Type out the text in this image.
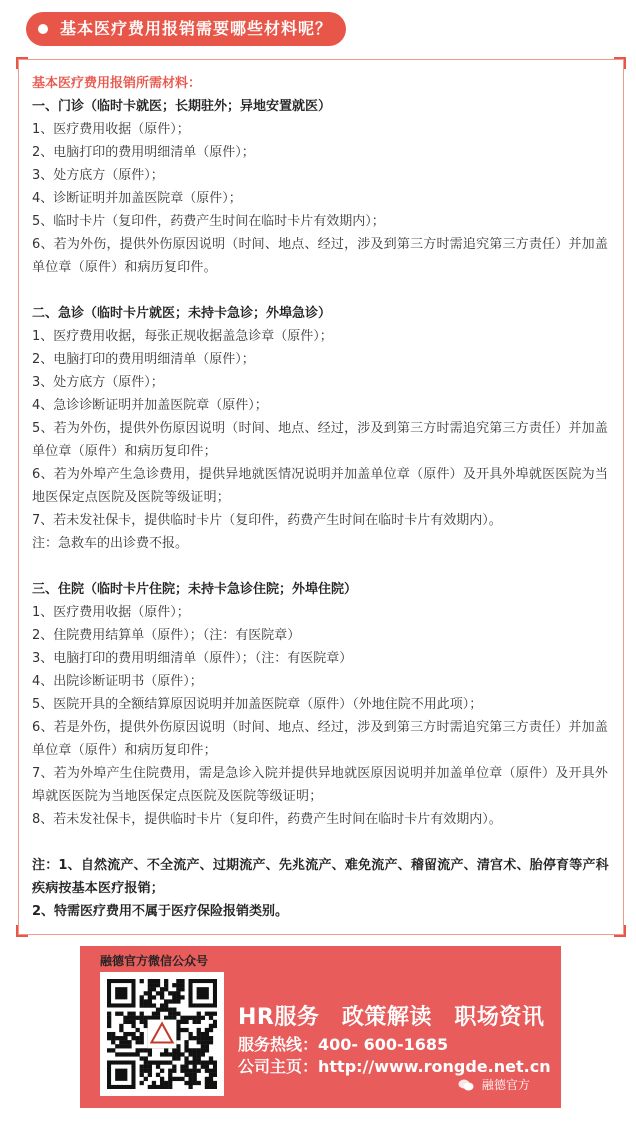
基本医疗费用报销需要哪些材料呢？
基本医疗费用报销所需材料：
一、门诊（临时卡就医；长期驻外；异地安置就医）
1、医疗费用收据（原件）；
2、电脑打印的费用明细清单（原件）；
3、处方底方（原件）；
4、诊断证明并加盖医院章（原件）；
5、临时卡片（复印件，药费产生时间在临时卡片有效期内）；
6、若为外伤，提供外伤原因说明（时间、地点、经过，涉及到第三方时需追究第三方责任）并加盖单位章（原件）和病历复印件。
二、急诊（临时卡片就医；未持卡急诊；外埠急诊）
1、医疗费用收据，每张正规收据盖急诊章（原件）；
2、电脑打印的费用明细清单（原件）；
3、处方底方（原件）；
4、急诊诊断证明并加盖医院章（原件）；
5、若为外伤，提供外伤原因说明（时间、地点、经过，涉及到第三方时需追究第三方责任）并加盖单位章（原件）和病历复印件；
6、若为外埠产生急诊费用，提供异地就医情况说明并加盖单位章（原件）及开具外埠就医医院为当地医保定点医院及医院等级证明；
7、若未发社保卡，提供临时卡片（复印件，药费产生时间在临时卡片有效期内）。
注：急救车的出诊费不报。
三、住院（临时卡片住院；未持卡急诊住院；外埠住院）
1、医疗费用收据（原件）；
2、住院费用结算单（原件）；（注：有医院章）
3、电脑打印的费用明细清单（原件）；（注：有医院章）
4、出院诊断证明书（原件）；
5、医院开具的全额结算原因说明并加盖医院章（原件）（外地住院不用此项）；
6、若是外伤，提供外伤原因说明（时间、地点、经过，涉及到第三方时需追究第三方责任）并加盖单位章（原件）和病历复印件；
7、若为外埠产生住院费用，需是急诊入院并提供异地就医原因说明并加盖单位章（原件）及开具外埠就医医院为当地医保定点医院及医院等级证明；
8、若未发社保卡，提供临时卡片（复印件，药费产生时间在临时卡片有效期内）。
注：1、自然流产、不全流产、过期流产、先兆流产、难免流产、稽留流产、清宫术、胎停育等产科疾病按基本医疗报销；
2、特需医疗费用不属于医疗保险报销类别。
融德官方微信公众号
HR服务　政策解读　职场资讯
服务热线：400- 600-1685
公司主页：http://www.rongde.net.cn
融德官方
